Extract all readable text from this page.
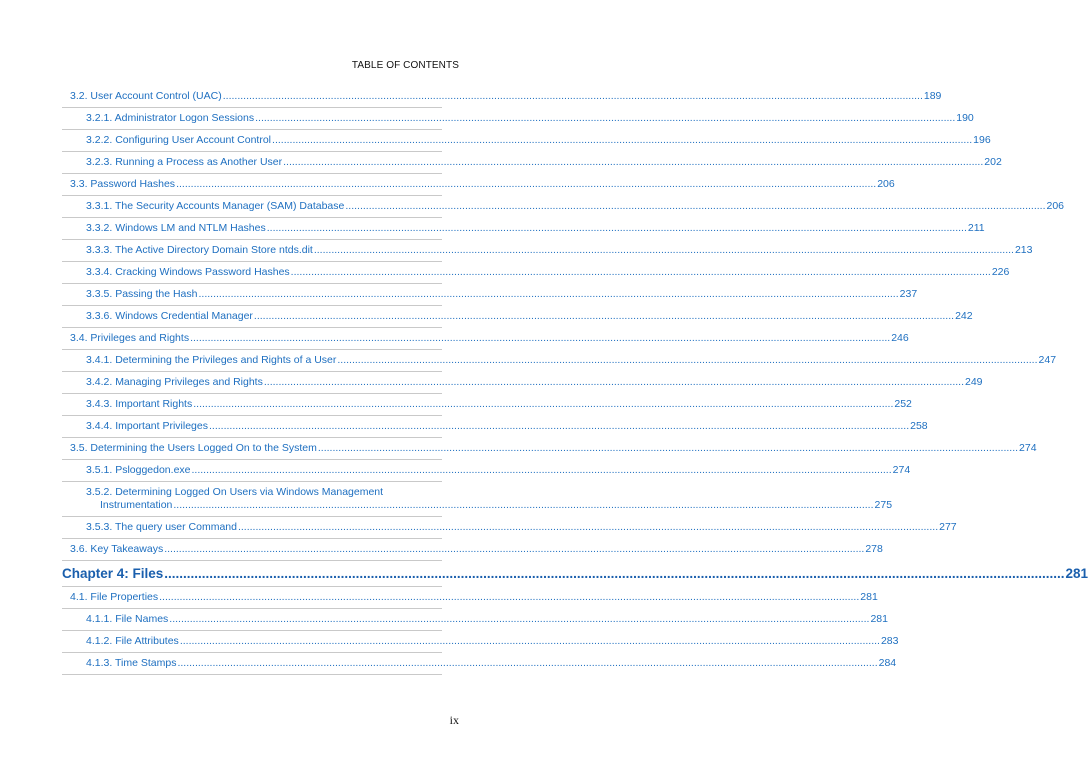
TABLE OF CONTENTS
3.2. User Account Control (UAC) .....	189
3.2.1. Administrator Logon Sessions .....	190
3.2.2. Configuring User Account Control .....	196
3.2.3. Running a Process as Another User .....	202
3.3. Password Hashes .....	206
3.3.1. The Security Accounts Manager (SAM) Database .....	206
3.3.2. Windows LM and NTLM Hashes .....	211
3.3.3. The Active Directory Domain Store ntds.dit .....	213
3.3.4. Cracking Windows Password Hashes .....	226
3.3.5. Passing the Hash .....	237
3.3.6. Windows Credential Manager .....	242
3.4. Privileges and Rights .....	246
3.4.1. Determining the Privileges and Rights of a User .....	247
3.4.2. Managing Privileges and Rights .....	249
3.4.3. Important Rights .....	252
3.4.4. Important Privileges .....	258
3.5. Determining the Users Logged On to the System .....	274
3.5.1. Psloggedon.exe .....	274
3.5.2. Determining Logged On Users via Windows Management
Instrumentation .....	275
3.5.3. The query user Command .....	277
3.6. Key Takeaways .....	278
Chapter 4: Files .....	281
4.1. File Properties .....	281
4.1.1. File Names .....	281
4.1.2. File Attributes .....	283
4.1.3. Time Stamps .....	284
ix
